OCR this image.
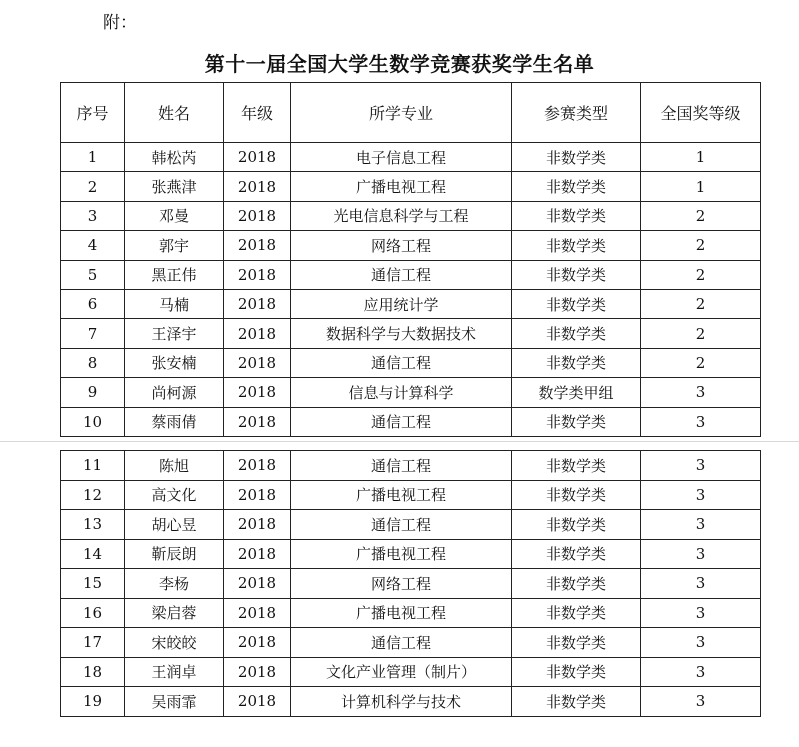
附：
第十一届全国大学生数学竞赛获奖学生名单
序号	姓名	年级	所学专业	参赛类型	全国奖等级
1	韩松芮	2018	电子信息工程	非数学类	1
2	张燕津	2018	广播电视工程	非数学类	1
3	邓曼	2018	光电信息科学与工程	非数学类	2
4	郭宇	2018	网络工程	非数学类	2
5	黑正伟	2018	通信工程	非数学类	2
6	马楠	2018	应用统计学	非数学类	2
7	王泽宇	2018	数据科学与大数据技术	非数学类	2
8	张安楠	2018	通信工程	非数学类	2
9	尚柯源	2018	信息与计算科学	数学类甲组	3
10	蔡雨倩	2018	通信工程	非数学类	3
11	陈旭	2018	通信工程	非数学类	3
12	高文化	2018	广播电视工程	非数学类	3
13	胡心昱	2018	通信工程	非数学类	3
14	靳辰朗	2018	广播电视工程	非数学类	3
15	李杨	2018	网络工程	非数学类	3
16	梁启蓉	2018	广播电视工程	非数学类	3
17	宋皎皎	2018	通信工程	非数学类	3
18	王润卓	2018	文化产业管理（制片）	非数学类	3
19	吴雨霏	2018	计算机科学与技术	非数学类	3
